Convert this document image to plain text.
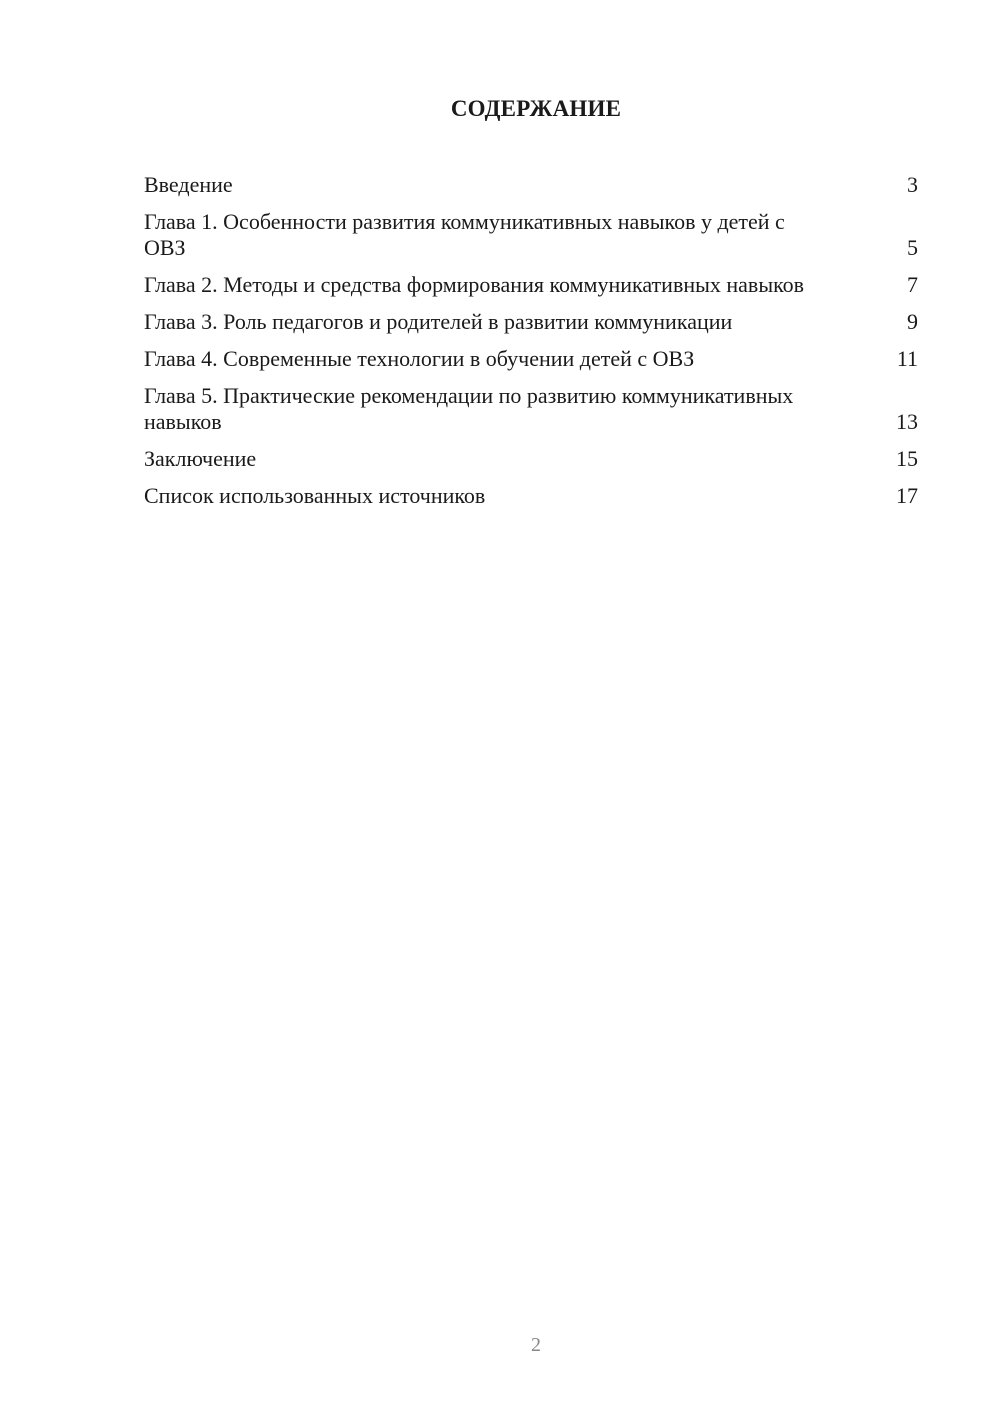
СОДЕРЖАНИЕ
Введение	3
Глава 1. Особенности развития коммуникативных навыков у детей с ОВЗ	5
Глава 2. Методы и средства формирования коммуникативных навыков	7
Глава 3. Роль педагогов и родителей в развитии коммуникации	9
Глава 4. Современные технологии в обучении детей с ОВЗ	11
Глава 5. Практические рекомендации по развитию коммуникативных навыков	13
Заключение	15
Список использованных источников	17
2
